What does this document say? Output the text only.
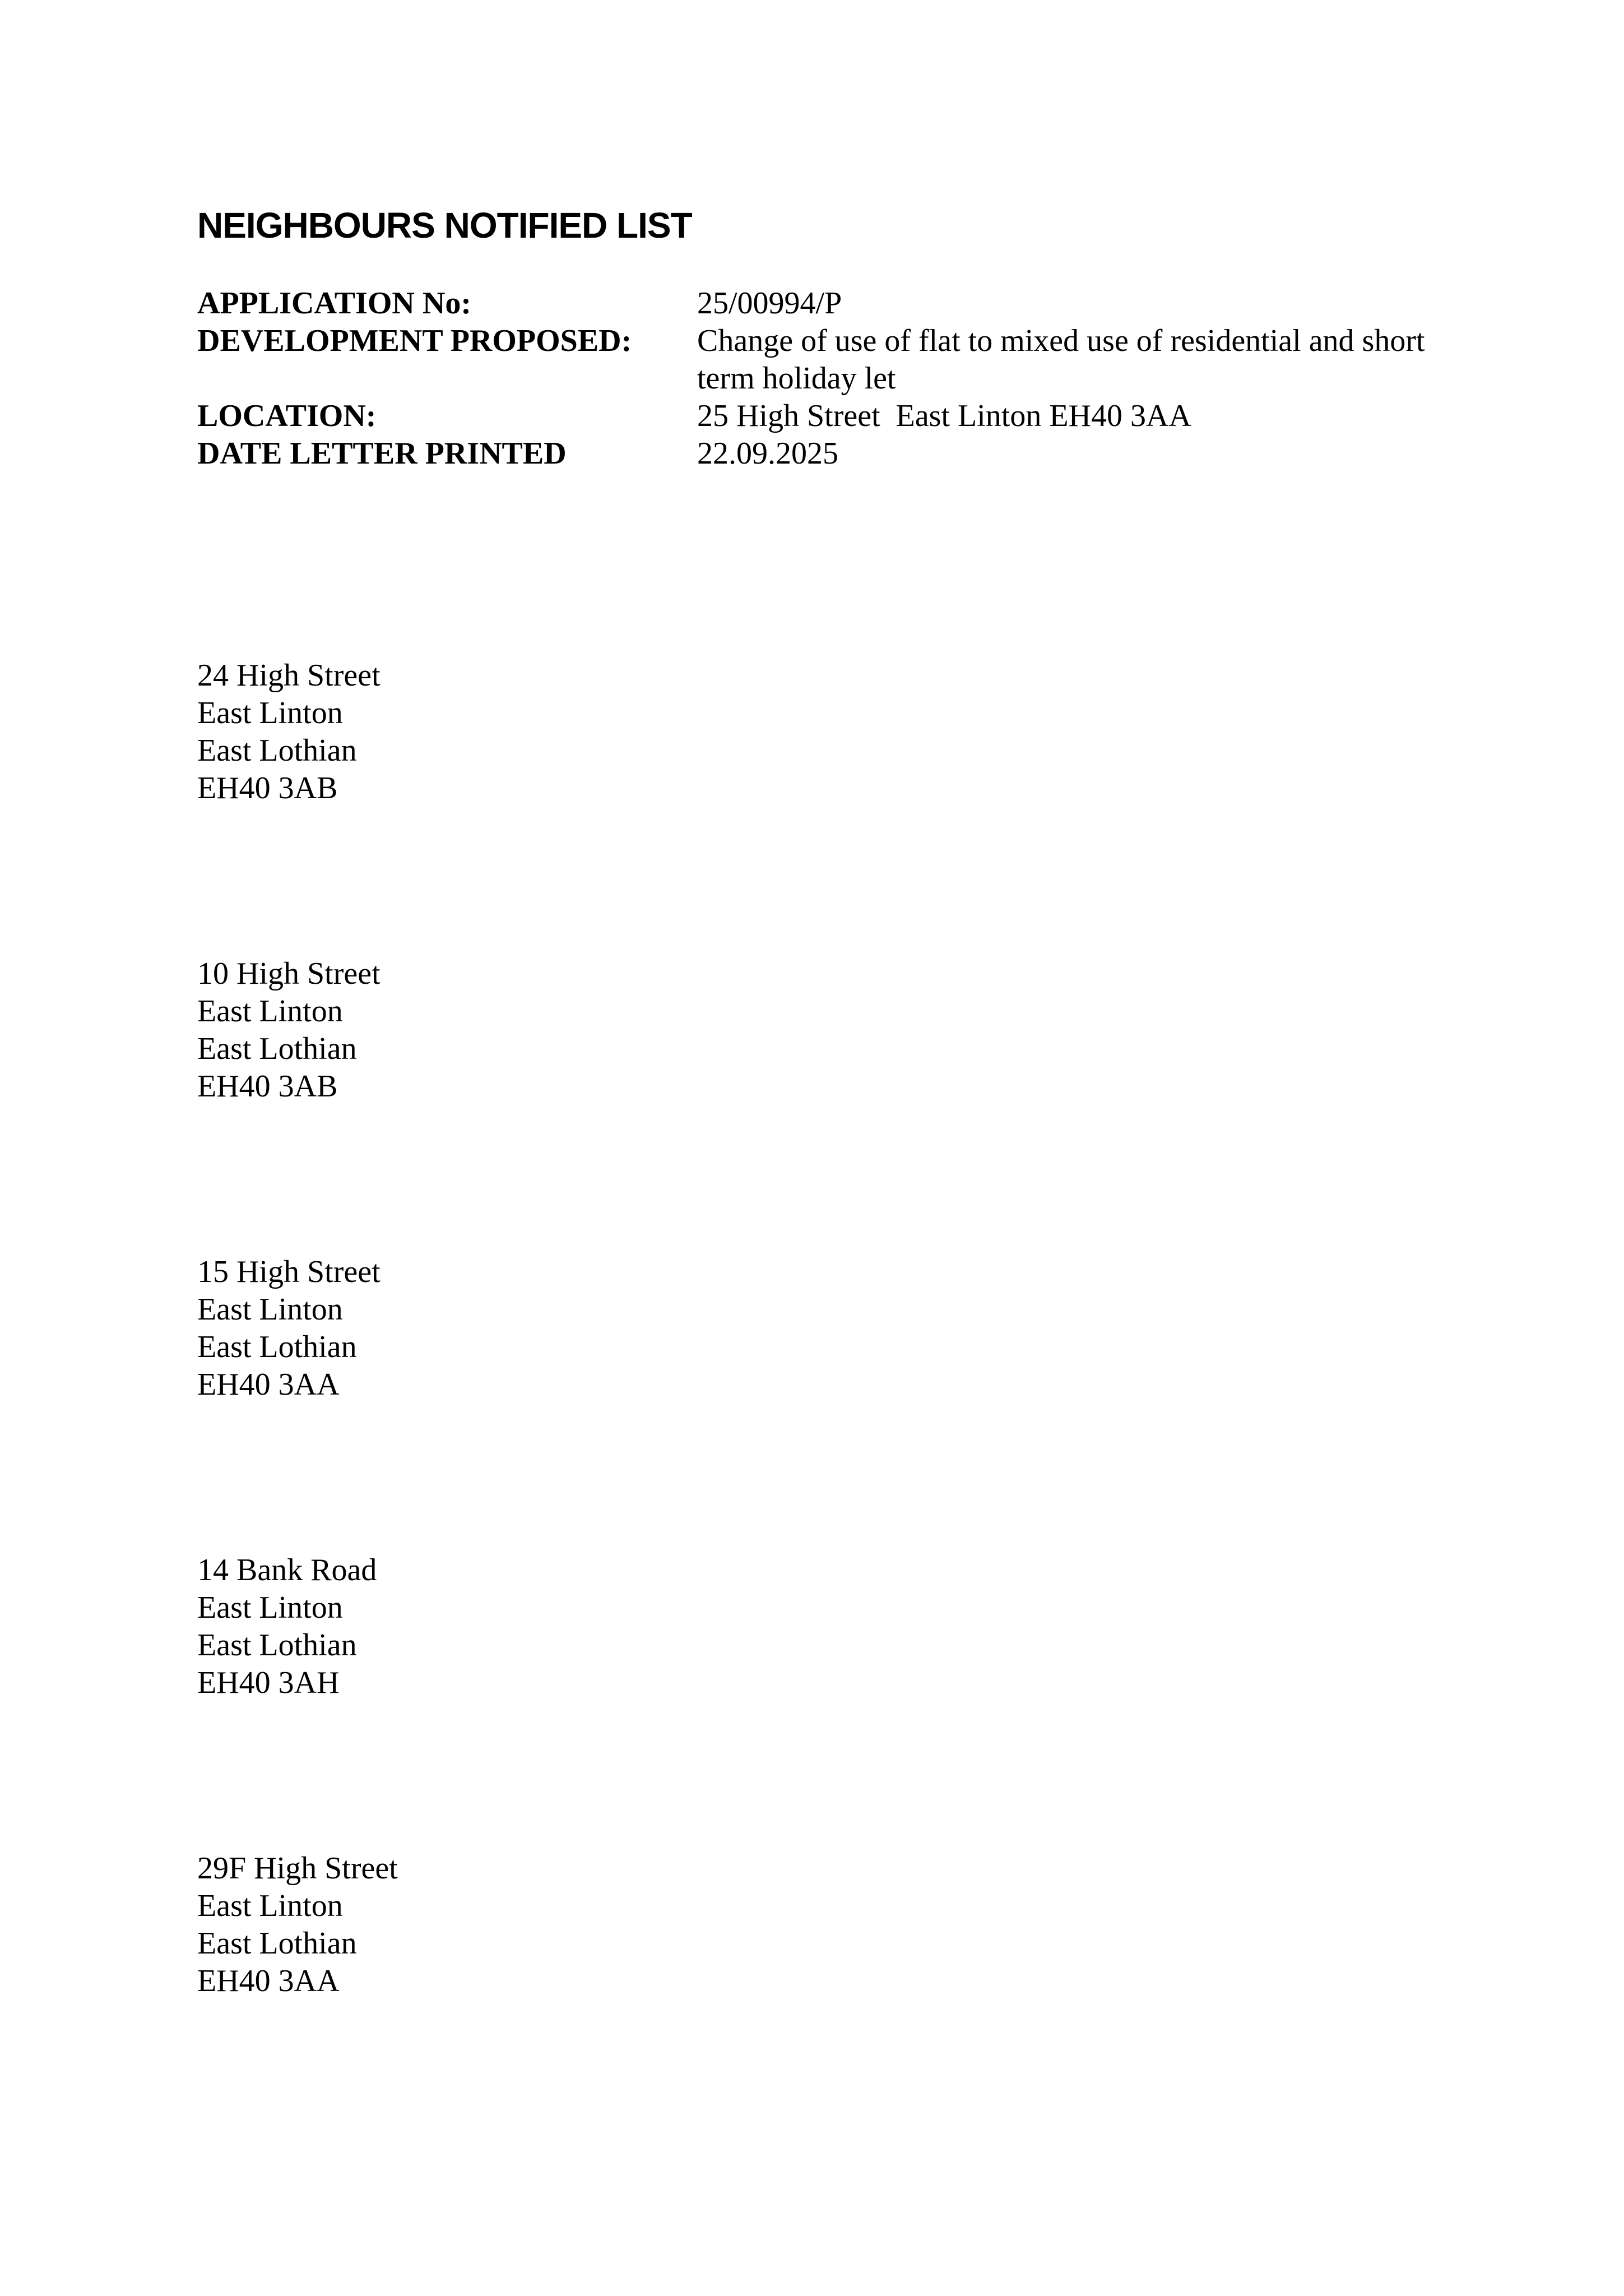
NEIGHBOURS NOTIFIED LIST
APPLICATION No:	25/00994/P
DEVELOPMENT PROPOSED:	Change of use of flat to mixed use of residential and short term holiday let
LOCATION:	25 High Street  East Linton EH40 3AA
DATE LETTER PRINTED	22.09.2025
24 High Street
East Linton
East Lothian
EH40 3AB
10 High Street
East Linton
East Lothian
EH40 3AB
15 High Street
East Linton
East Lothian
EH40 3AA
14 Bank Road
East Linton
East Lothian
EH40 3AH
29F High Street
East Linton
East Lothian
EH40 3AA
